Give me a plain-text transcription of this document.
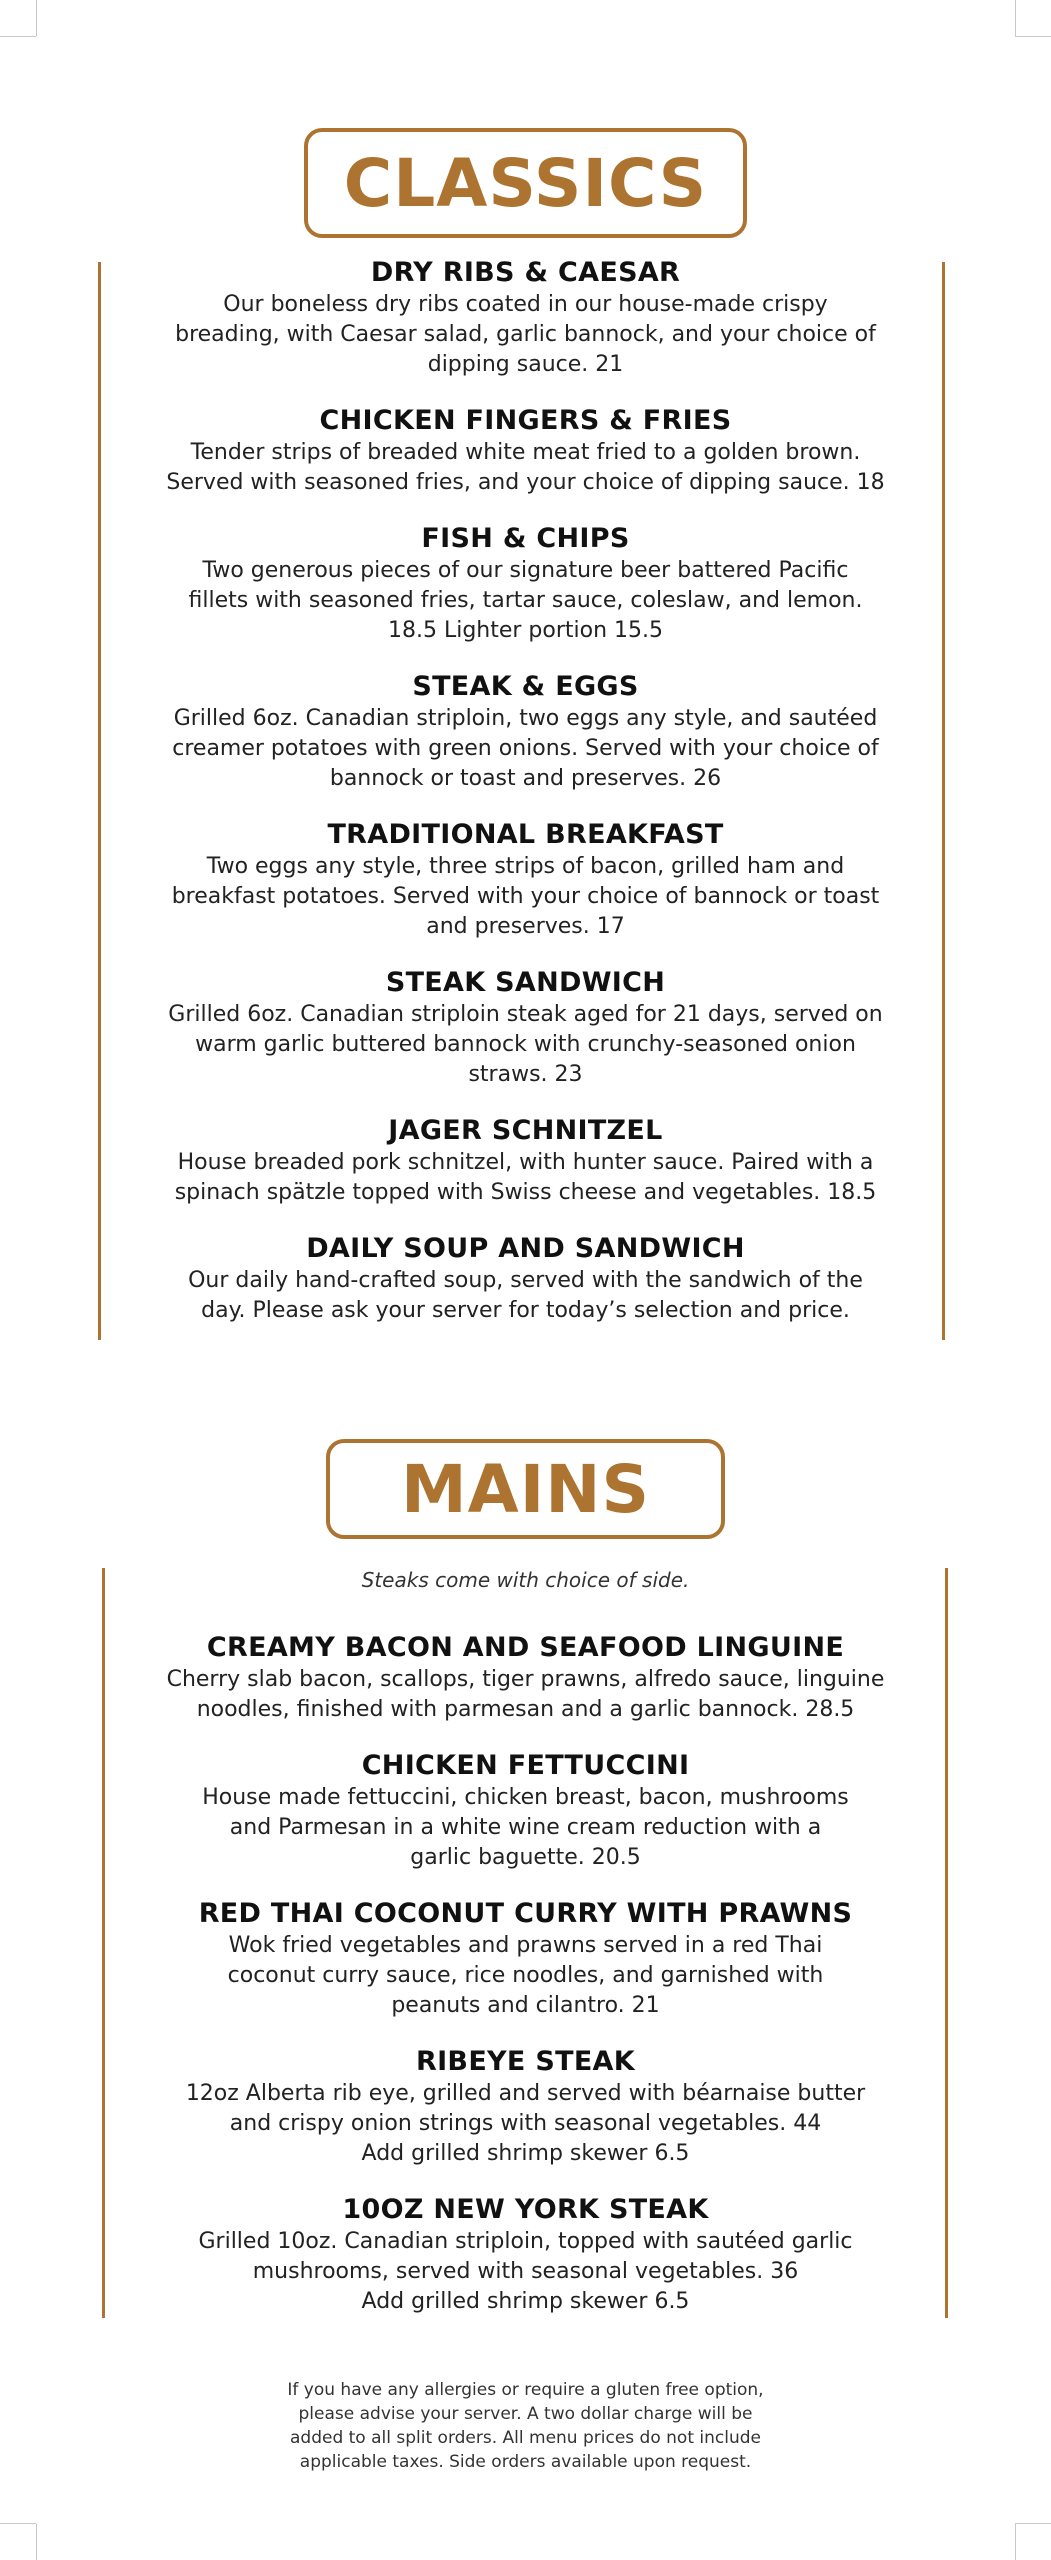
CLASSICS
DRY RIBS & CAESAR
Our boneless dry ribs coated in our house-made crispy
breading, with Caesar salad, garlic bannock, and your choice of
dipping sauce. 21
CHICKEN FINGERS & FRIES
Tender strips of breaded white meat fried to a golden brown.
Served with seasoned fries, and your choice of dipping sauce. 18
FISH & CHIPS
Two generous pieces of our signature beer battered Pacific
fillets with seasoned fries, tartar sauce, coleslaw, and lemon.
18.5 Lighter portion 15.5
STEAK & EGGS
Grilled 6oz. Canadian striploin, two eggs any style, and sautéed
creamer potatoes with green onions. Served with your choice of
bannock or toast and preserves. 26
TRADITIONAL BREAKFAST
Two eggs any style, three strips of bacon, grilled ham and
breakfast potatoes. Served with your choice of bannock or toast
and preserves. 17
STEAK SANDWICH
Grilled 6oz. Canadian striploin steak aged for 21 days, served on
warm garlic buttered bannock with crunchy-seasoned onion
straws. 23
JAGER SCHNITZEL
House breaded pork schnitzel, with hunter sauce. Paired with a
spinach spätzle topped with Swiss cheese and vegetables. 18.5
DAILY SOUP AND SANDWICH
Our daily hand-crafted soup, served with the sandwich of the
day. Please ask your server for today’s selection and price.
MAINS
Steaks come with choice of side.
CREAMY BACON AND SEAFOOD LINGUINE
Cherry slab bacon, scallops, tiger prawns, alfredo sauce, linguine
noodles, finished with parmesan and a garlic bannock. 28.5
CHICKEN FETTUCCINI
House made fettuccini, chicken breast, bacon, mushrooms
and Parmesan in a white wine cream reduction with a
garlic baguette. 20.5
RED THAI COCONUT CURRY WITH PRAWNS
Wok fried vegetables and prawns served in a red Thai
coconut curry sauce, rice noodles, and garnished with
peanuts and cilantro. 21
RIBEYE STEAK
12oz Alberta rib eye, grilled and served with béarnaise butter
and crispy onion strings with seasonal vegetables. 44
Add grilled shrimp skewer 6.5
10OZ NEW YORK STEAK
Grilled 10oz. Canadian striploin, topped with sautéed garlic
mushrooms, served with seasonal vegetables. 36
Add grilled shrimp skewer 6.5
If you have any allergies or require a gluten free option,
please advise your server. A two dollar charge will be
added to all split orders. All menu prices do not include
applicable taxes. Side orders available upon request.
